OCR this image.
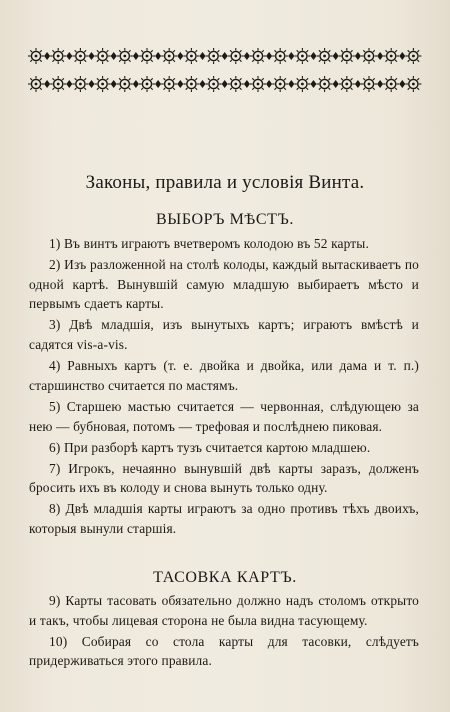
Законы, правила и условія Винта.
ВЫБОРЪ МѢСТЪ.

1) Въ винтъ играютъ вчетверомъ колодою въ 52 карты.

2) Изъ разложенной на столѣ колоды, каждый вытаскиваетъ по одной картѣ. Вынувшій самую младшую выбираетъ мѣсто и первымъ сдаетъ карты.

3) Двѣ младшія, изъ вынутыхъ картъ; играютъ вмѣстѣ и садятся vis-a-vis.

4) Равныхъ картъ (т. е. двойка и двойка, или дама и т. п.) старшинство считается по мастямъ.

5) Старшею мастью считается — червонная, слѣдующею за нею — бубновая, потомъ — трефовая и послѣднею пиковая.

6) При разборѣ картъ тузъ считается картою младшею.

7) Игрокъ, нечаянно вынувшій двѣ карты заразъ, долженъ бросить ихъ въ колоду и снова вынуть только одну.

8) Двѣ младшія карты играютъ за одно противъ тѣхъ двоихъ, которыя вынули старшія.

ТАСОВКА КАРТЪ.

9) Карты тасовать обязательно должно надъ столомъ открыто и такъ, чтобы лицевая сторона не была видна тасующему.

10) Собирая со стола карты для тасовки, слѣдуетъ придерживаться этого правила.
